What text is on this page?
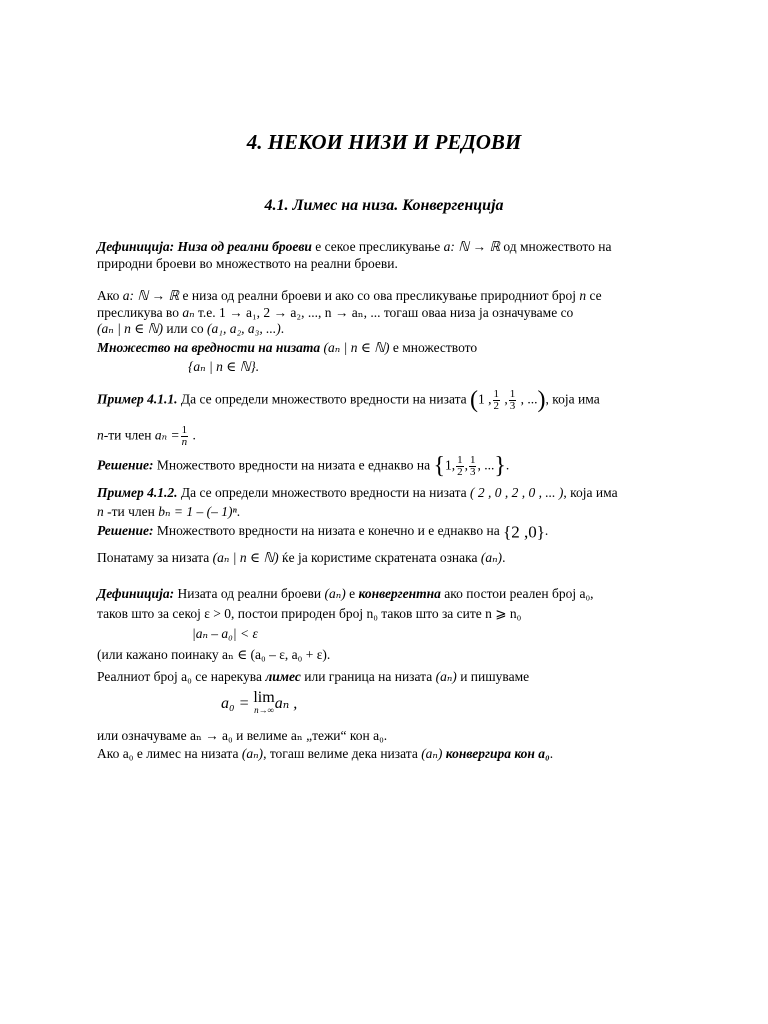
4. НЕКОИ НИЗИ И РЕДОВИ
4.1. Лимес на низа. Конвергенција
Дефиниција: Низа од реални броеви е секое пресликување a: ℕ → ℝ од множеството на
природни броеви во множеството на реални броеви.
Ако a: ℕ → ℝ е низа од реални броеви и ако со ова пресликување природниот број n се
пресликува во aₙ т.е. 1 → a₁, 2 → a₂, ..., n → aₙ, ... тогаш оваа низа ја означуваме со
(aₙ | n ∈ ℕ) или со (a₁, a₂, a₃, ...).
Множество на вредности на низата (aₙ | n ∈ ℕ) е множеството
{aₙ | n ∈ ℕ}.
Пример 4.1.1. Да се определи множеството вредности на низата (1 , $\frac{1}{2}$ , $\frac{1}{3}$ , ...), која има
n-ти член $a_n = \frac{1}{n}$ .
Решение: Множеството вредности на низата е еднакво на {1, $\frac{1}{2}$ , $\frac{1}{3}$ , ...}.
Пример 4.1.2. Да се определи множеството вредности на низата ( 2 , 0 , 2 , 0 , ... ), која има
n -ти член bₙ = 1 – (– 1)ⁿ.
Решение: Множеството вредности на низата е конечно и е еднакво на {2 ,0}.
Понатаму за низата (aₙ | n ∈ ℕ) ќе ја користиме скратената ознака (aₙ).
Дефиниција: Низата од реални броеви (aₙ) е конвергентна ако постои реален број a₀,
таков што за секој ε > 0, постои природен број n₀ таков што за сите n ⩾ n₀
|aₙ – a₀| < ε
(или кажано поинаку aₙ ∈ (a₀ – ε, a₀ + ε).
Реалниот број a₀ се нарекува лимес или граница на низата (aₙ) и пишуваме
a₀ = lim
n→∞ aₙ ,
или означуваме aₙ → a₀ и велиме aₙ „тежи“ кон a₀.
Ако a₀ е лимес на низата (aₙ), тогаш велиме дека низата (aₙ) конвергира кон a₀.
